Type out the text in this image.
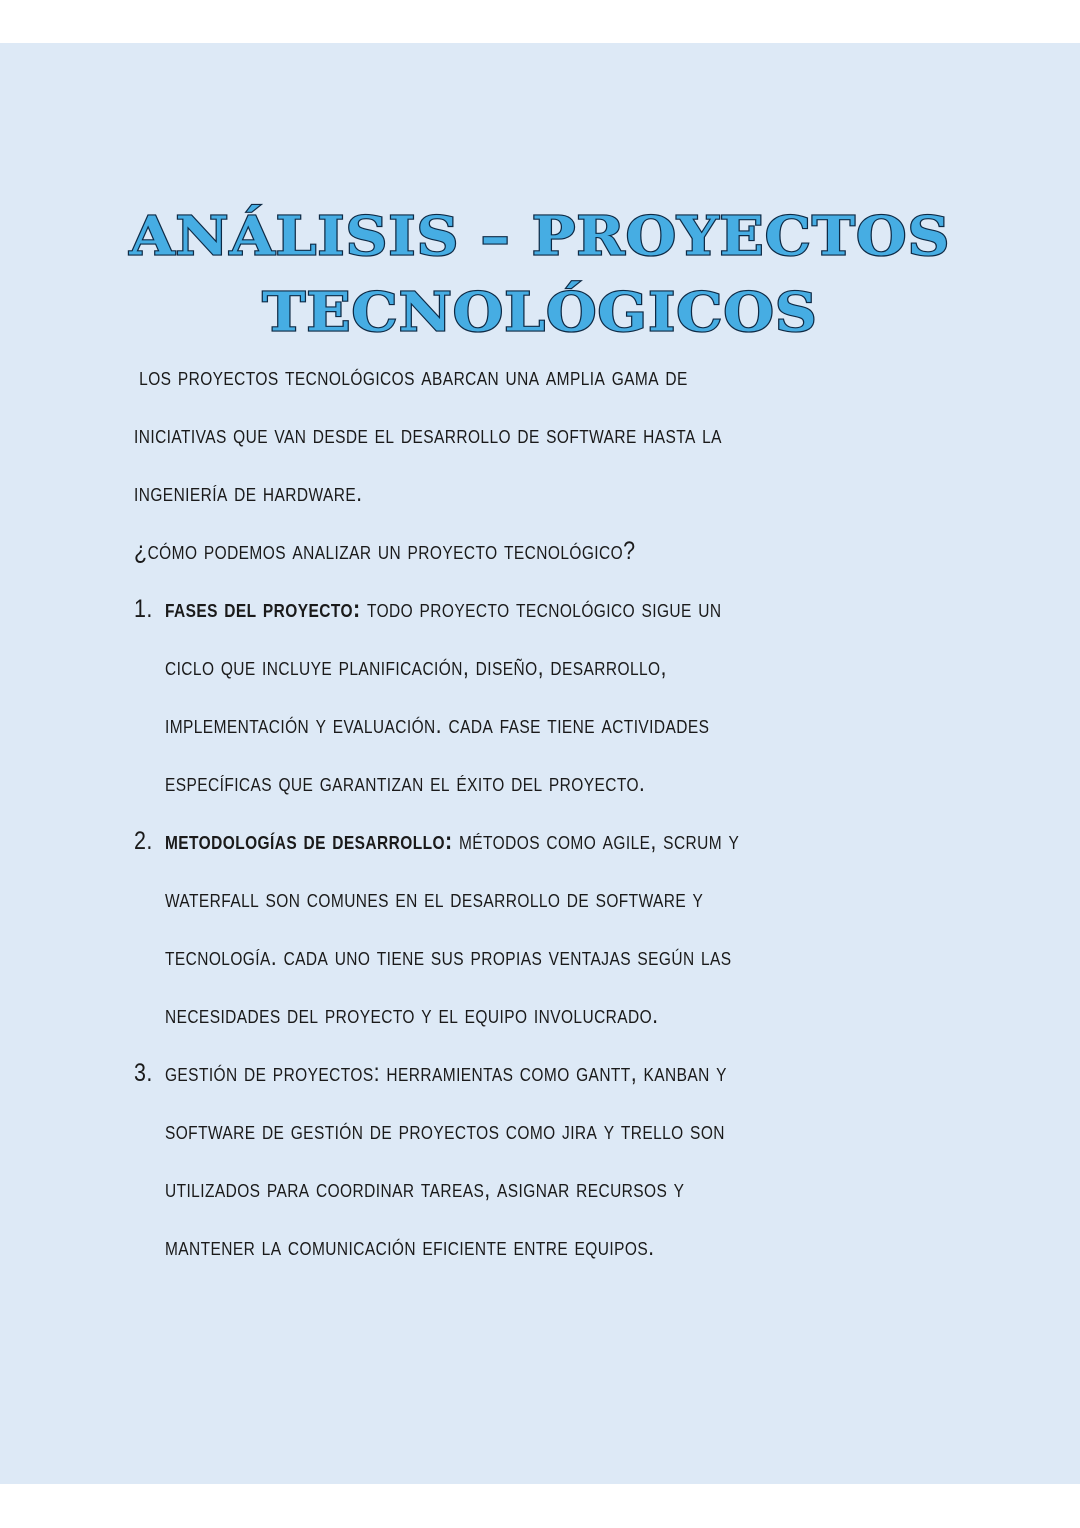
ANÁLISIS – PROYECTOS
TECNOLÓGICOS
los proyectos tecnológicos abarcan una amplia gama de
iniciativas que van desde el desarrollo de software hasta la
ingeniería de hardware.
¿cómo podemos analizar un proyecto tecnológico?
1. fases del proyecto: todo proyecto tecnológico sigue un
ciclo que incluye planificación, diseño, desarrollo,
implementación y evaluación. cada fase tiene actividades
específicas que garantizan el éxito del proyecto.
2. metodologías de desarrollo: métodos como agile, scrum y
waterfall son comunes en el desarrollo de software y
tecnología. cada uno tiene sus propias ventajas según las
necesidades del proyecto y el equipo involucrado.
3. gestión de proyectos: herramientas como gantt, kanban y
software de gestión de proyectos como jira y trello son
utilizados para coordinar tareas, asignar recursos y
mantener la comunicación eficiente entre equipos.
